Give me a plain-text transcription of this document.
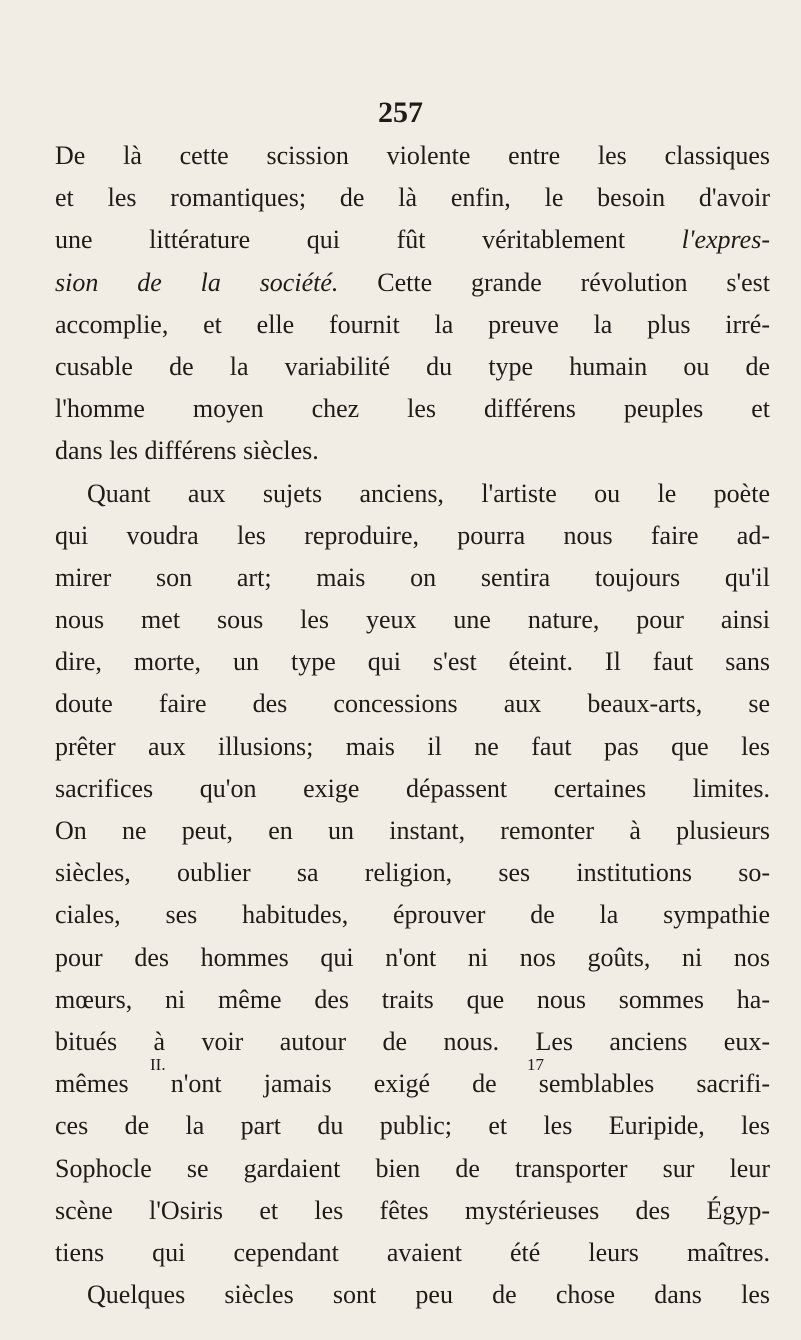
257
De là cette scission violente entre les classiques
et les romantiques; de là enfin, le besoin d'avoir
une littérature qui fût véritablement l'expres-
sion de la société. Cette grande révolution s'est
accomplie, et elle fournit la preuve la plus irré-
cusable de la variabilité du type humain ou de
l'homme moyen chez les différens peuples et
dans les différens siècles.
Quant aux sujets anciens, l'artiste ou le poète
qui voudra les reproduire, pourra nous faire ad-
mirer son art; mais on sentira toujours qu'il
nous met sous les yeux une nature, pour ainsi
dire, morte, un type qui s'est éteint. Il faut sans
doute faire des concessions aux beaux-arts, se
prêter aux illusions; mais il ne faut pas que les
sacrifices qu'on exige dépassent certaines limites.
On ne peut, en un instant, remonter à plusieurs
siècles, oublier sa religion, ses institutions so-
ciales, ses habitudes, éprouver de la sympathie
pour des hommes qui n'ont ni nos goûts, ni nos
mœurs, ni même des traits que nous sommes ha-
bitués à voir autour de nous. Les anciens eux-
mêmes n'ont jamais exigé de semblables sacrifi-
ces de la part du public; et les Euripide, les
Sophocle se gardaient bien de transporter sur leur
scène l'Osiris et les fêtes mystérieuses des Égyp-
tiens qui cependant avaient été leurs maîtres.
Quelques siècles sont peu de chose dans les
II.	17
